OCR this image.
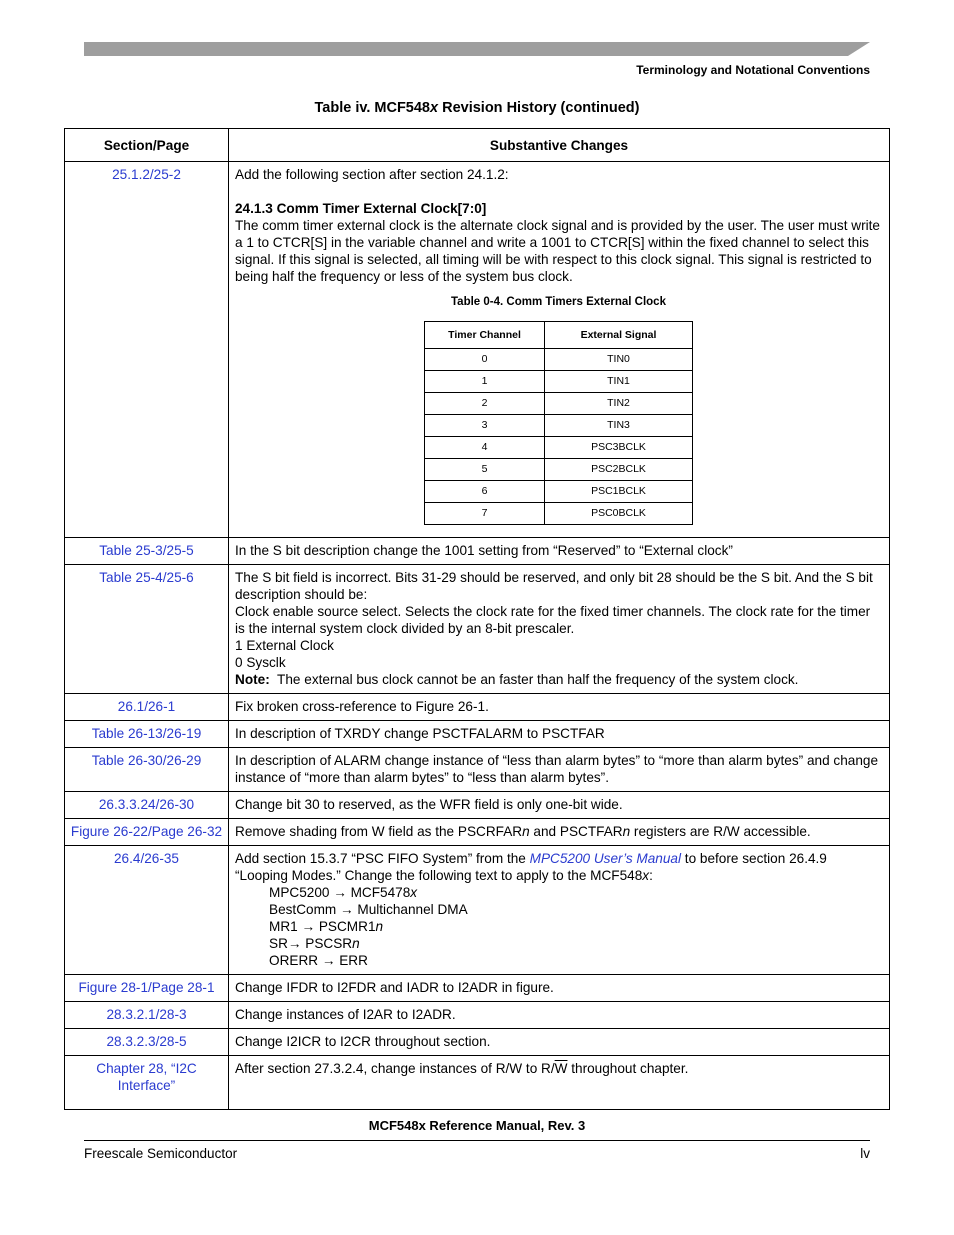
Terminology and Notational Conventions
Table iv. MCF548x Revision History (continued)
Section/Page	Substantive Changes
25.1.2/25-2	Add the following section after section 24.1.2:
24.1.3 Comm Timer External Clock[7:0]
The comm timer external clock is the alternate clock signal and is provided by the user. The user must write a 1 to CTCR[S] in the variable channel and write a 1001 to CTCR[S] within the fixed channel to select this signal. If this signal is selected, all timing will be with respect to this clock signal. This signal is restricted to being half the frequency or less of the system bus clock.
Table 0-4. Comm Timers External Clock
Timer Channel	External Signal
0	TIN0
1	TIN1
2	TIN2
3	TIN3
4	PSC3BCLK
5	PSC2BCLK
6	PSC1BCLK
7	PSC0BCLK

Table 25-3/25-5	In the S bit description change the 1001 setting from “Reserved” to “External clock”
Table 25-4/25-6	The S bit field is incorrect. Bits 31-29 should be reserved, and only bit 28 should be the S bit. And the S bit description should be:
Clock enable source select. Selects the clock rate for the fixed timer channels. The clock rate for the timer is the internal system clock divided by an 8-bit prescaler.
1 External Clock
0 Sysclk
Note:  The external bus clock cannot be an faster than half the frequency of the system clock.

26.1/26-1	Fix broken cross-reference to Figure 26-1.
Table 26-13/26-19	In description of TXRDY change PSCTFALARM to PSCTFAR
Table 26-30/26-29	In description of ALARM change instance of “less than alarm bytes” to “more than alarm bytes” and change instance of “more than alarm bytes” to “less than alarm bytes”.
26.3.3.24/26-30	Change bit 30 to reserved, as the WFR field is only one-bit wide.
Figure 26-22/Page 26-32	Remove shading from W field as the PSCRFARn and PSCTFARn registers are R/W accessible.
26.4/26-35	Add section 15.3.7 “PSC FIFO System” from the MPC5200 User’s Manual to before section 26.4.9 “Looping Modes.” Change the following text to apply to the MCF548x:
MPC5200 → MCF5478x
BestComm → Multichannel DMA
MR1 → PSCMR1n
SR→ PSCSRn
ORERR → ERR

Figure 28-1/Page 28-1	Change IFDR to I2FDR and IADR to I2ADR in figure.
28.3.2.1/28-3	Change instances of I2AR to I2ADR.
28.3.2.3/28-5	Change I2ICR to I2CR throughout section.
Chapter 28, “I2C Interface”	After section 27.3.2.4, change instances of R/W to $R/\overline{W}$ throughout chapter.
MCF548x Reference Manual, Rev. 3
Freescale Semiconductor	lv
